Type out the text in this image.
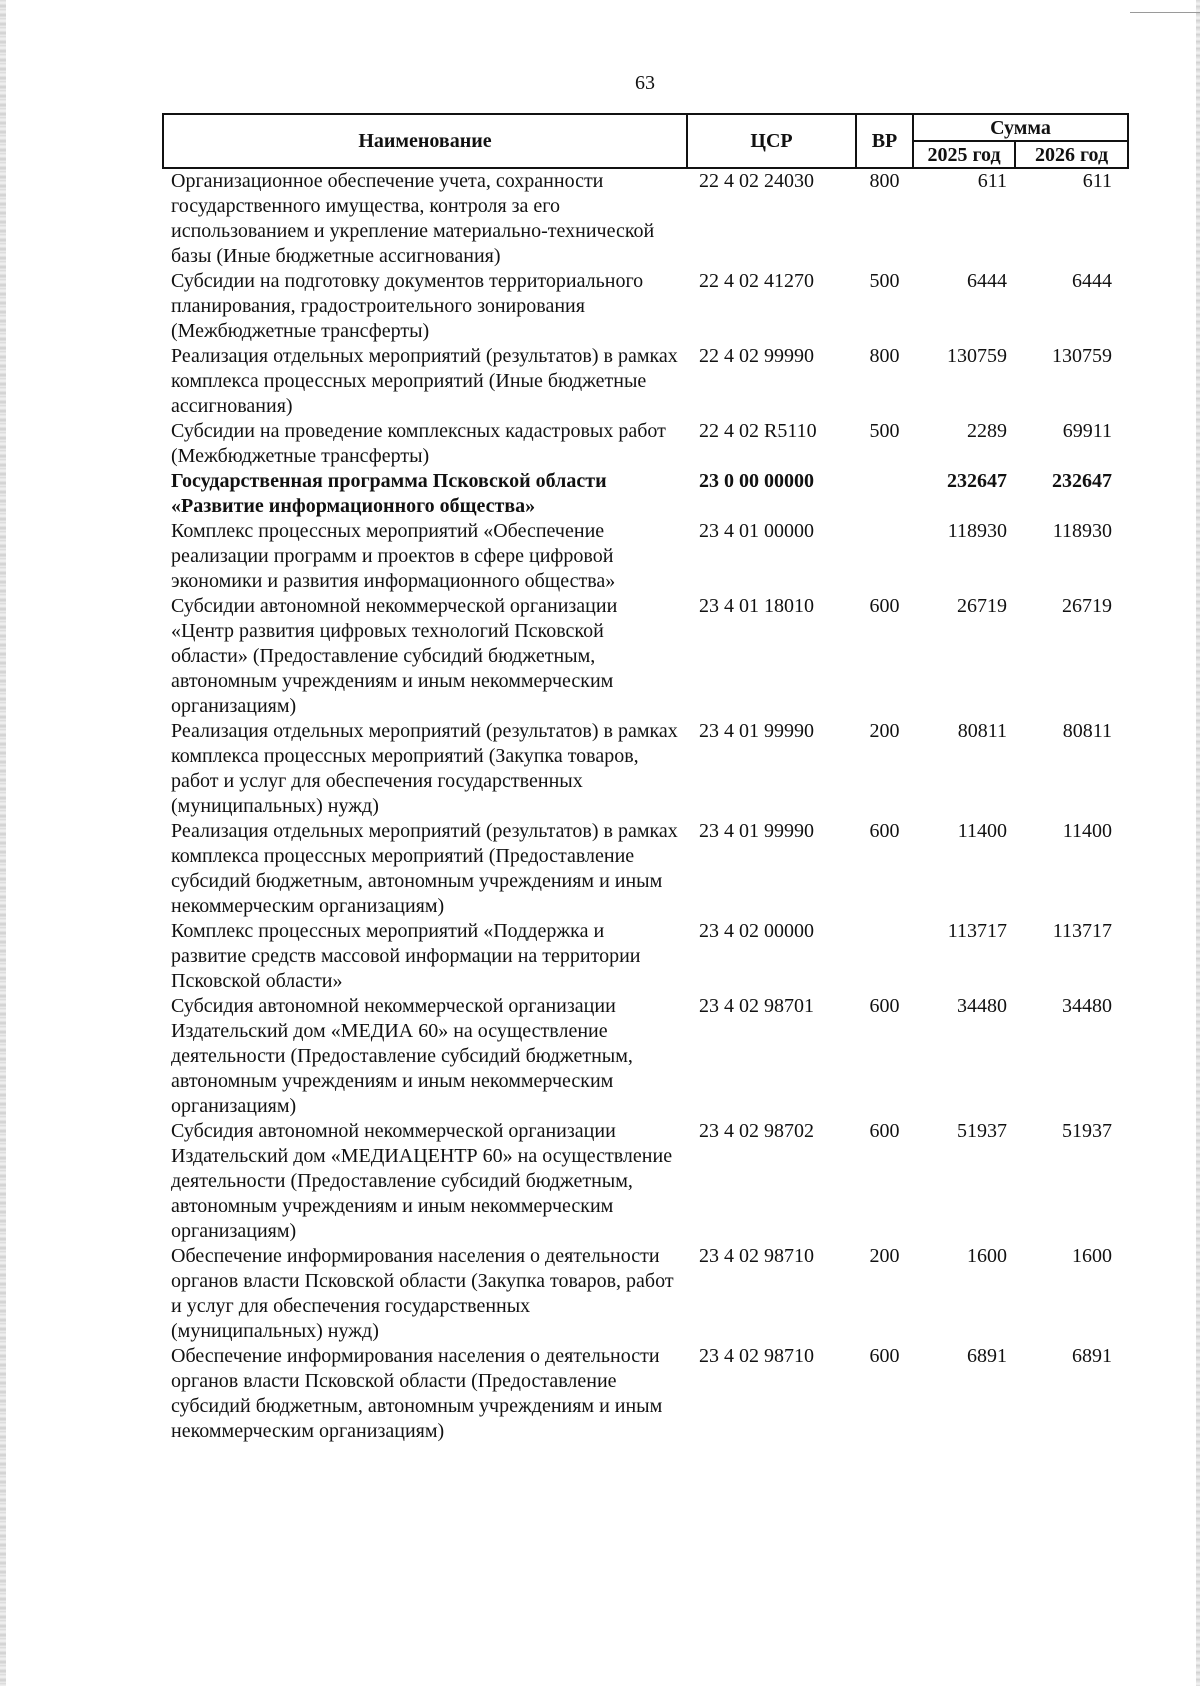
63
Наименование	ЦСР	ВР	Сумма	
			2025 год	2026 год
Организационное обеспечение учета, сохранности государственного имущества, контроля за его использованием и укрепление материально-технической базы (Иные бюджетные ассигнования)	22 4 02 24030	800	611	611
Субсидии на подготовку документов территориального планирования, градостроительного зонирования (Межбюджетные трансферты)	22 4 02 41270	500	6444	6444
Реализация отдельных мероприятий (результатов) в рамках комплекса процессных мероприятий (Иные бюджетные ассигнования)	22 4 02 99990	800	130759	130759
Субсидии на проведение комплексных кадастровых работ (Межбюджетные трансферты)	22 4 02 R5110	500	2289	69911
Государственная программа Псковской области «Развитие информационного общества»	23 0 00 00000		232647	232647
Комплекс процессных мероприятий «Обеспечение реализации программ и проектов в сфере цифровой экономики и развития информационного общества»	23 4 01 00000		118930	118930
Субсидии автономной некоммерческой организации «Центр развития цифровых технологий Псковской области» (Предоставление субсидий бюджетным, автономным учреждениям и иным некоммерческим организациям)	23 4 01 18010	600	26719	26719
Реализация отдельных мероприятий (результатов) в рамках комплекса процессных мероприятий (Закупка товаров, работ и услуг для обеспечения государственных (муниципальных) нужд)	23 4 01 99990	200	80811	80811
Реализация отдельных мероприятий (результатов) в рамках комплекса процессных мероприятий (Предоставление субсидий бюджетным, автономным учреждениям и иным некоммерческим организациям)	23 4 01 99990	600	11400	11400
Комплекс процессных мероприятий «Поддержка и развитие средств массовой информации на территории Псковской области»	23 4 02 00000		113717	113717
Субсидия автономной некоммерческой организации Издательский дом «МЕДИА 60» на осуществление деятельности (Предоставление субсидий бюджетным, автономным учреждениям и иным некоммерческим организациям)	23 4 02 98701	600	34480	34480
Субсидия автономной некоммерческой организации Издательский дом «МЕДИАЦЕНТР 60» на осуществление деятельности (Предоставление субсидий бюджетным, автономным учреждениям и иным некоммерческим организациям)	23 4 02 98702	600	51937	51937
Обеспечение информирования населения о деятельности органов власти Псковской области (Закупка товаров, работ и услуг для обеспечения государственных (муниципальных) нужд)	23 4 02 98710	200	1600	1600
Обеспечение информирования населения о деятельности органов власти Псковской области (Предоставление субсидий бюджетным, автономным учреждениям и иным некоммерческим организациям)	23 4 02 98710	600	6891	6891
